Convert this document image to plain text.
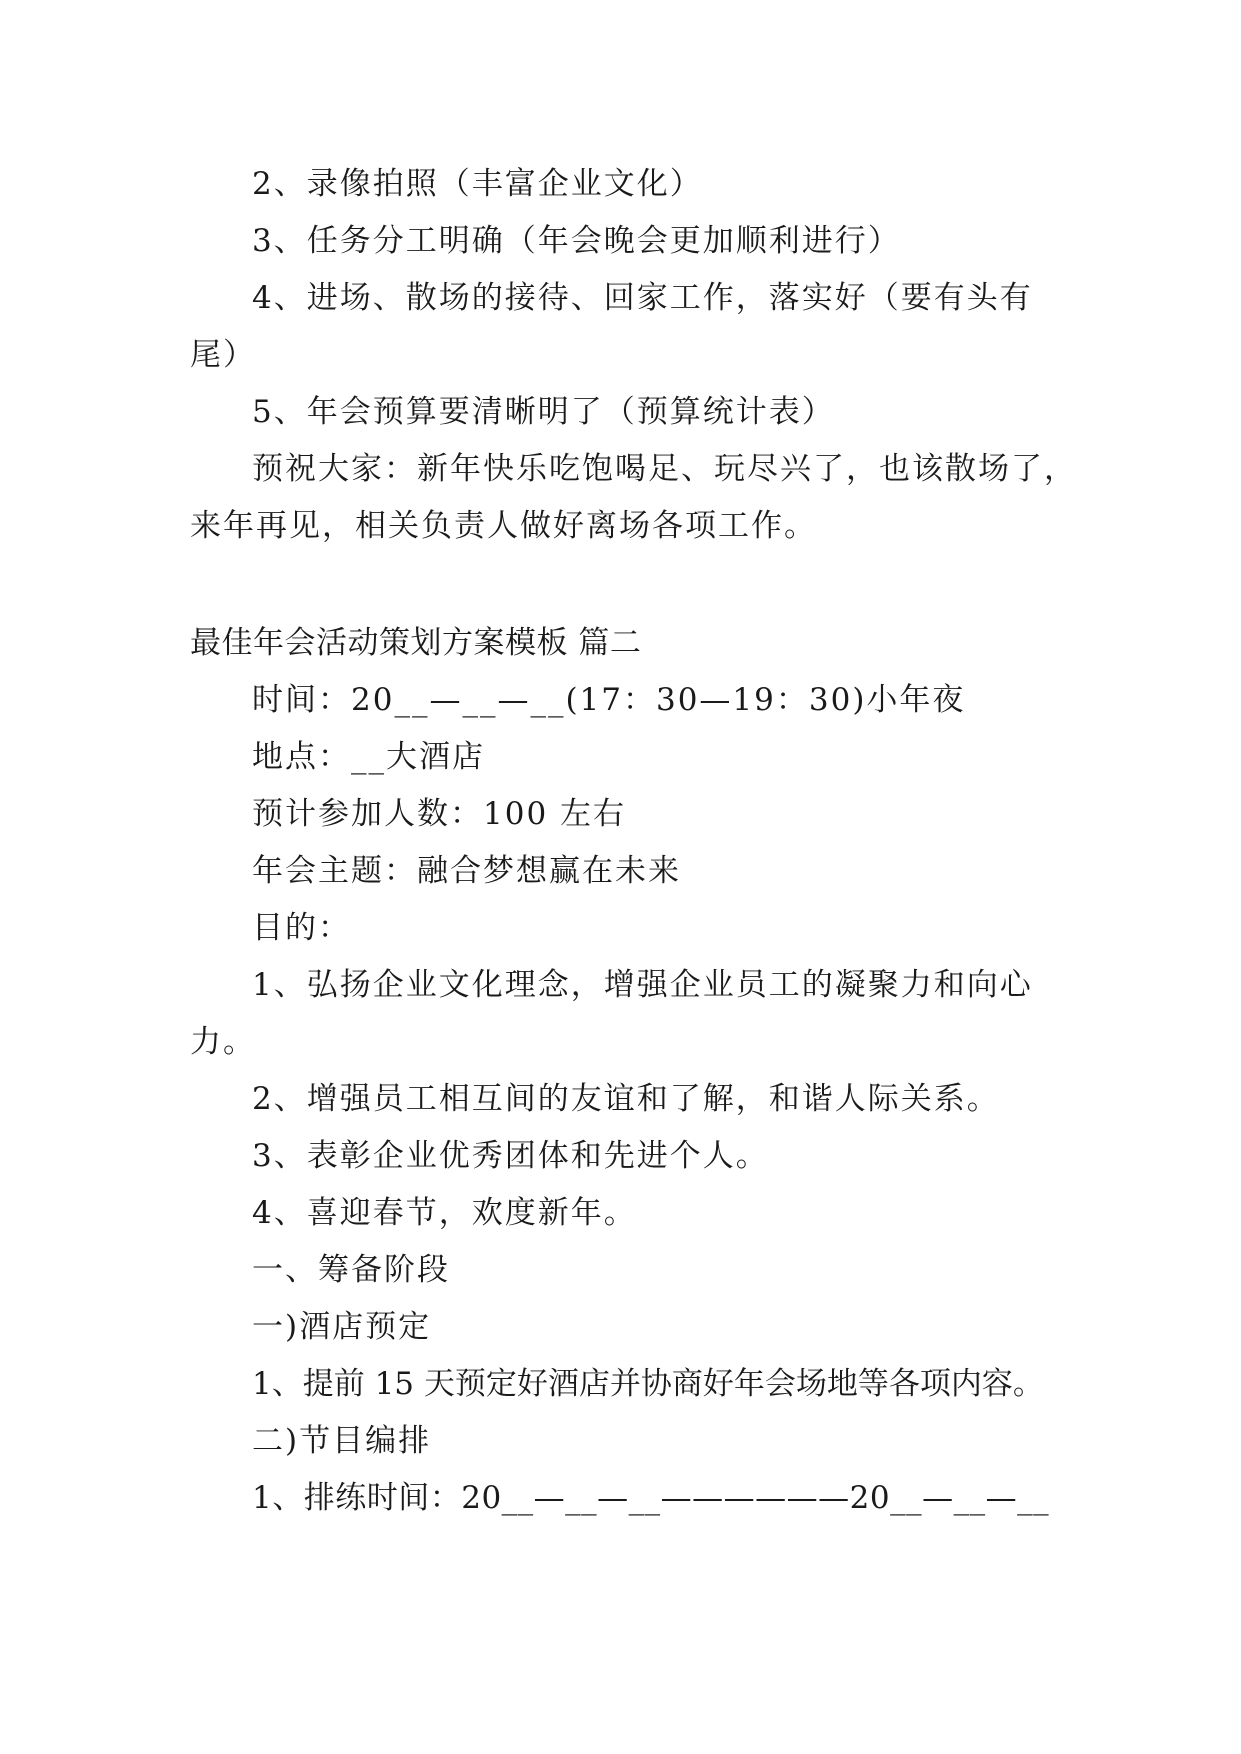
2、录像拍照（丰富企业文化）
3、任务分工明确（年会晚会更加顺利进行）
4、进场、散场的接待、回家工作，落实好（要有头有
尾）
5、年会预算要清晰明了（预算统计表）
预祝大家：新年快乐吃饱喝足、玩尽兴了，也该散场了，
来年再见，相关负责人做好离场各项工作。
最佳年会活动策划方案模板 篇二
时间：20__—__—__(17：30—19：30)小年夜
地点：__大酒店
预计参加人数：100 左右
年会主题：融合梦想赢在未来
目的：
1、弘扬企业文化理念，增强企业员工的凝聚力和向心
力。
2、增强员工相互间的友谊和了解，和谐人际关系。
3、表彰企业优秀团体和先进个人。
4、喜迎春节，欢度新年。
一、筹备阶段
一)酒店预定
1、提前 15 天预定好酒店并协商好年会场地等各项内容。
二)节目编排
1、排练时间：20__—__—__——————20__—__—__
